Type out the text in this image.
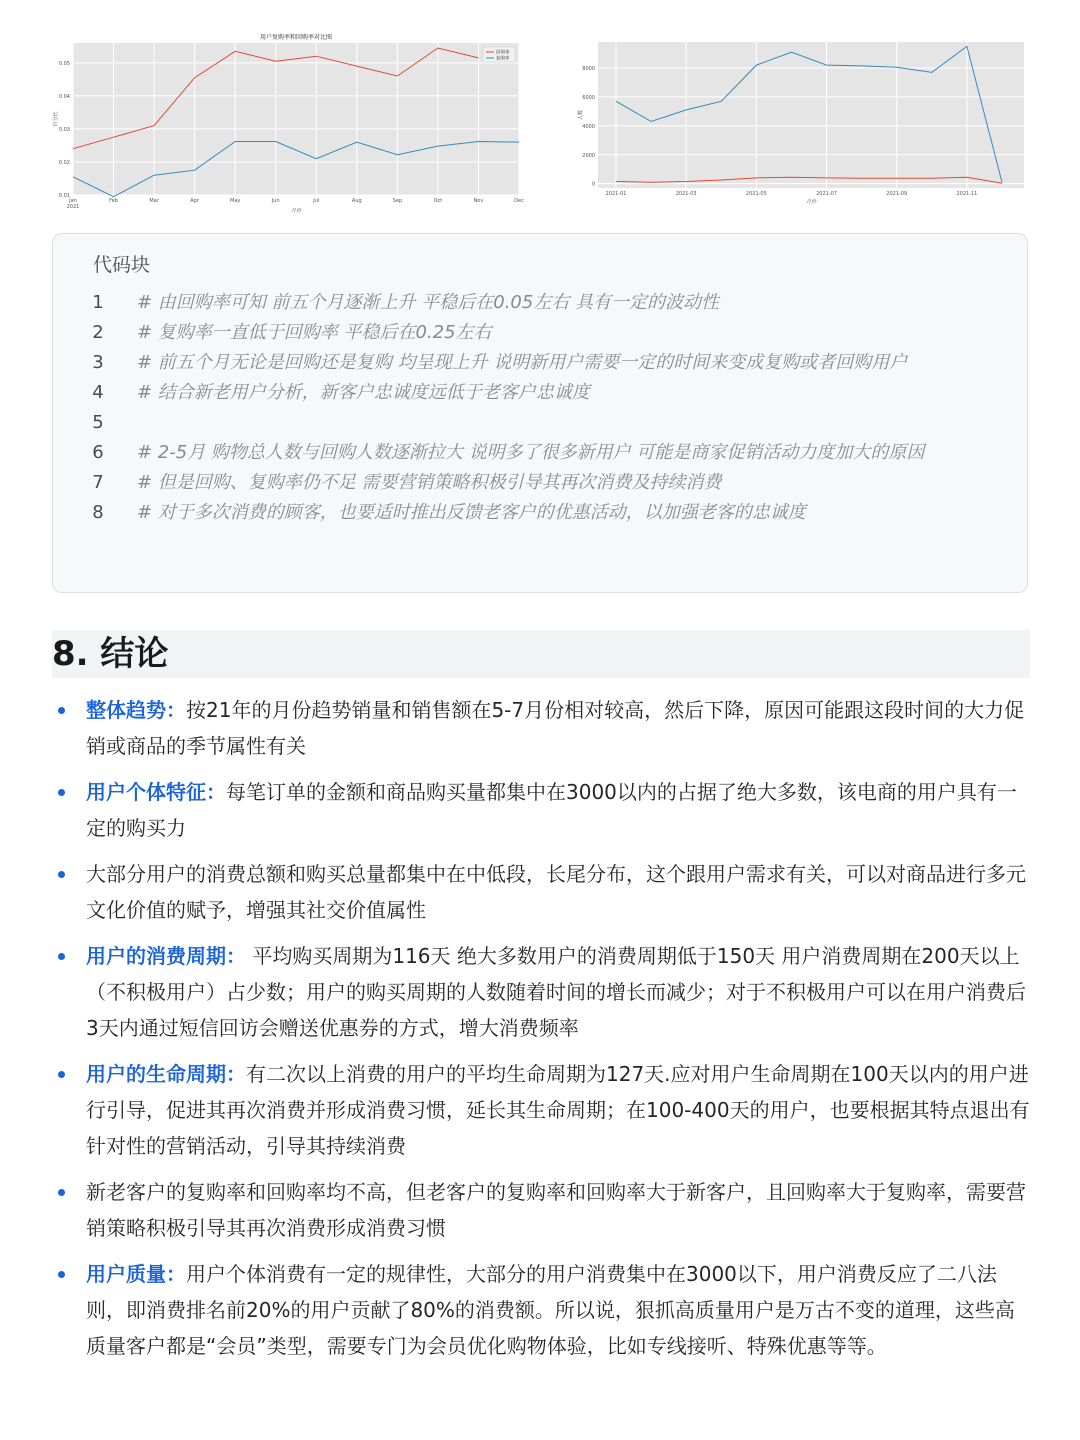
0.01
0.02
0.03
0.04
0.05
Jan
2021
Feb	Mar	Apr	May	Jun	Jul	Aug	Sep	Oct	Nov	Dec
月份
百分比
用户复购率和回购率对比图
回购率
复购率
0
2000
4000
6000
8000
2021-01	2021-03	2021-05	2021-07	2021-09	2021-11
月份
人数
代码块
1	# 由回购率可知 前五个月逐渐上升 平稳后在0.05左右 具有一定的波动性
2	# 复购率一直低于回购率 平稳后在0.25左右
3	# 前五个月无论是回购还是复购 均呈现上升 说明新用户需要一定的时间来变成复购或者回购用户
4	# 结合新老用户分析，新客户忠诚度远低于老客户忠诚度
5
6	# 2-5月 购物总人数与回购人数逐渐拉大 说明多了很多新用户 可能是商家促销活动力度加大的原因
7	# 但是回购、复购率仍不足 需要营销策略积极引导其再次消费及持续消费
8	# 对于多次消费的顾客，也要适时推出反馈老客户的优惠活动，以加强老客的忠诚度
8. 结论
整体趋势：按21年的月份趋势销量和销售额在5-7月份相对较高，然后下降，原因可能跟这段时间的大力促销或商品的季节属性有关
用户个体特征：每笔订单的金额和商品购买量都集中在3000以内的占据了绝大多数，该电商的用户具有一定的购买力
大部分用户的消费总额和购买总量都集中在中低段，长尾分布，这个跟用户需求有关，可以对商品进行多元文化价值的赋予，增强其社交价值属性
用户的消费周期： 平均购买周期为116天 绝大多数用户的消费周期低于150天 用户消费周期在200天以上（不积极用户）占少数；用户的购买周期的人数随着时间的增长而减少；对于不积极用户可以在用户消费后3天内通过短信回访会赠送优惠券的方式，增大消费频率
用户的生命周期：有二次以上消费的用户的平均生命周期为127天.应对用户生命周期在100天以内的用户进行引导，促进其再次消费并形成消费习惯，延长其生命周期；在100-400天的用户，也要根据其特点退出有针对性的营销活动，引导其持续消费
新老客户的复购率和回购率均不高，但老客户的复购率和回购率大于新客户，且回购率大于复购率，需要营销策略积极引导其再次消费形成消费习惯
用户质量：用户个体消费有一定的规律性，大部分的用户消费集中在3000以下，用户消费反应了二八法则，即消费排名前20%的用户贡献了80%的消费额。所以说，狠抓高质量用户是万古不变的道理，这些高质量客户都是“会员”类型，需要专门为会员优化购物体验，比如专线接听、特殊优惠等等。
